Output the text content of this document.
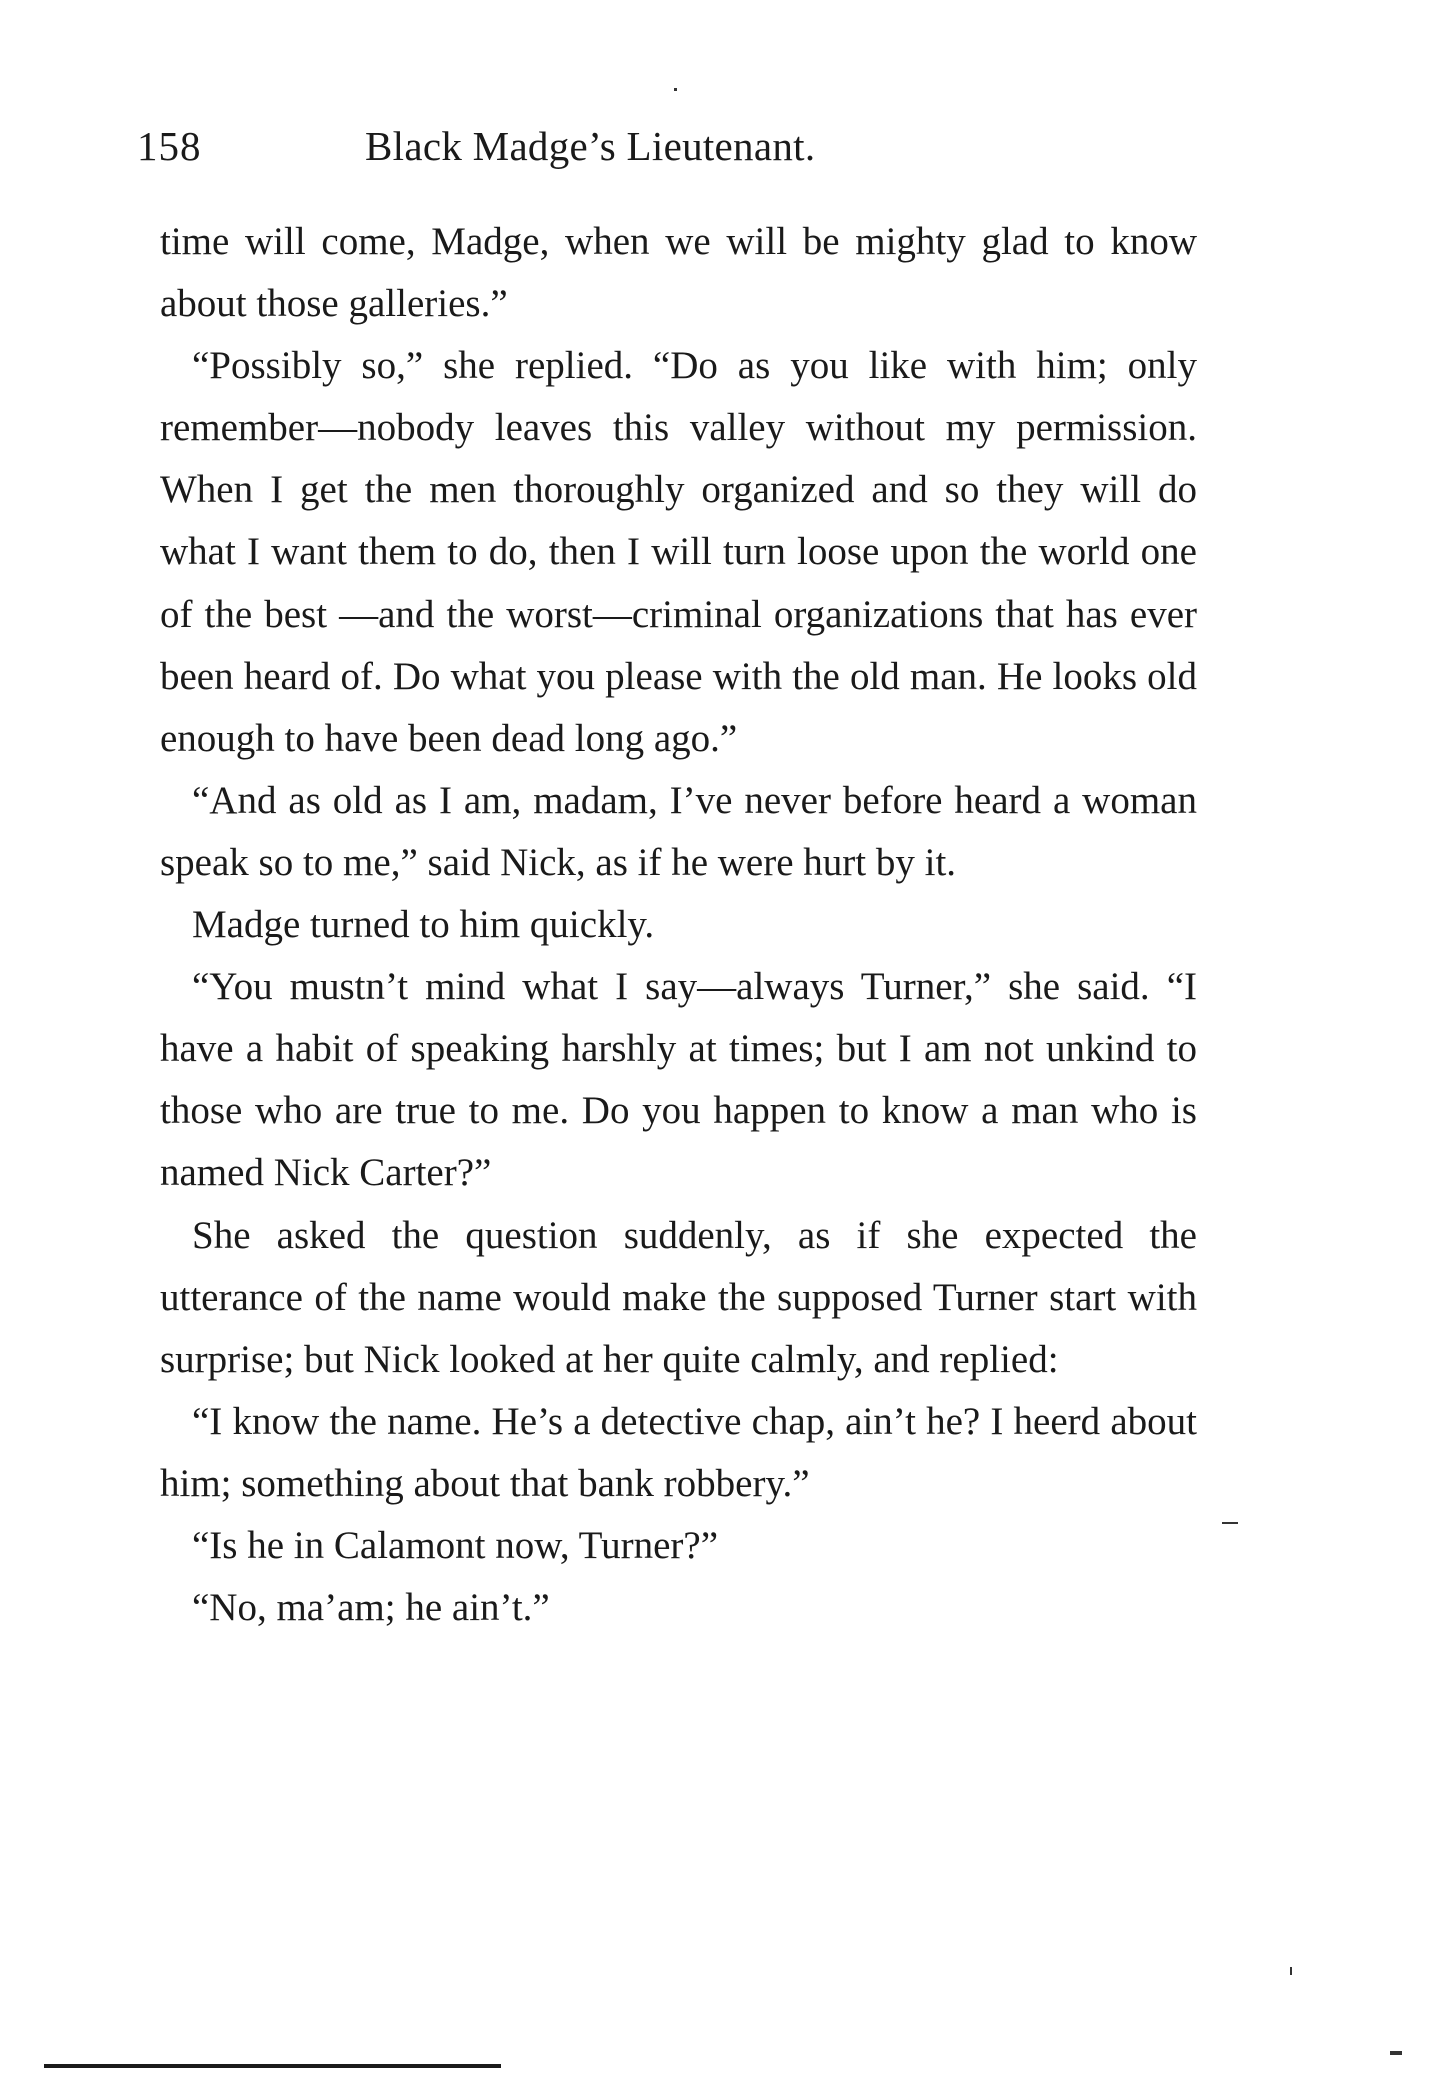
158	Black Madge’s Lieutenant.

time will come, Madge, when we will be mighty glad to know about those galleries.”

“Possibly so,” she replied. “Do as you like with him; only remember—nobody leaves this valley without my permission. When I get the men thoroughly organized and so they will do what I want them to do, then I will turn loose upon the world one of the best —and the worst—criminal organizations that has ever been heard of. Do what you please with the old man. He looks old enough to have been dead long ago.”

“And as old as I am, madam, I’ve never before heard a woman speak so to me,” said Nick, as if he were hurt by it.

Madge turned to him quickly.

“You mustn’t mind what I say—always Turner,” she said. “I have a habit of speaking harshly at times; but I am not unkind to those who are true to me. Do you happen to know a man who is named Nick Carter?”

She asked the question suddenly, as if she expected the utterance of the name would make the supposed Turner start with surprise; but Nick looked at her quite calmly, and replied:

“I know the name. He’s a detective chap, ain’t he? I heerd about him; something about that bank robbery.”

“Is he in Calamont now, Turner?”

“No, ma’am; he ain’t.”
